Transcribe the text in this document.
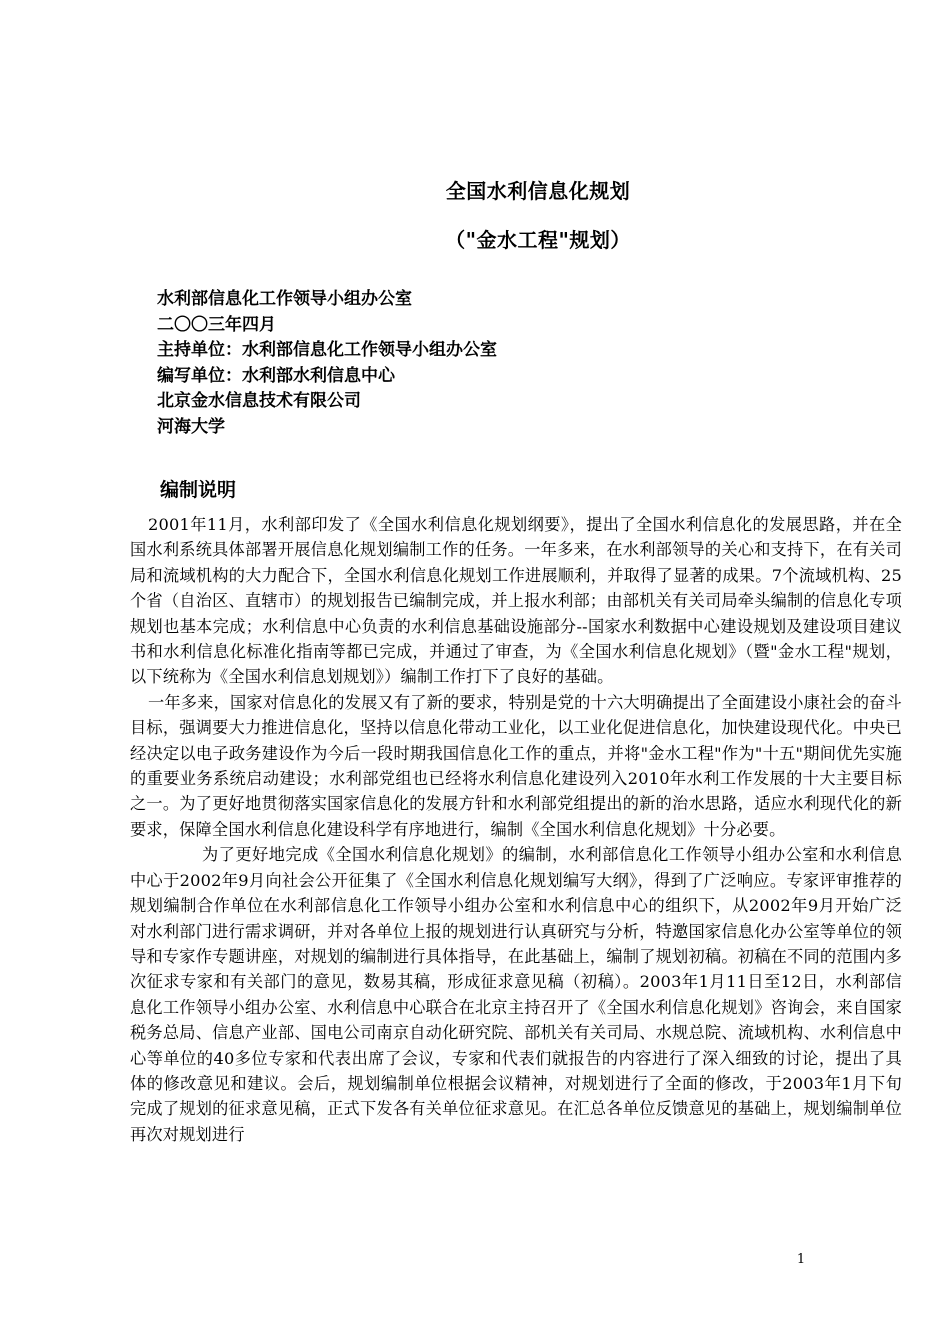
全国水利信息化规划
（"金水工程"规划）
水利部信息化工作领导小组办公室
二〇〇三年四月
主持单位：水利部信息化工作领导小组办公室
编写单位：水利部水利信息中心
北京金水信息技术有限公司
河海大学
编制说明

2001年11月，水利部印发了《全国水利信息化规划纲要》，提出了全国水利信息化的发展思路，并在全国水利系统具体部署开展信息化规划编制工作的任务。一年多来，在水利部领导的关心和支持下，在有关司局和流域机构的大力配合下，全国水利信息化规划工作进展顺利，并取得了显著的成果。7个流域机构、25个省（自治区、直辖市）的规划报告已编制完成，并上报水利部；由部机关有关司局牵头编制的信息化专项规划也基本完成；水利信息中心负责的水利信息基础设施部分--国家水利数据中心建设规划及建设项目建议书和水利信息化标准化指南等都已完成，并通过了审查，为《全国水利信息化规划》（暨"金水工程"规划，以下统称为《全国水利信息划规划》）编制工作打下了良好的基础。

一年多来，国家对信息化的发展又有了新的要求，特别是党的十六大明确提出了全面建设小康社会的奋斗目标，强调要大力推进信息化，坚持以信息化带动工业化，以工业化促进信息化，加快建设现代化。中央已经决定以电子政务建设作为今后一段时期我国信息化工作的重点，并将"金水工程"作为"十五"期间优先实施的重要业务系统启动建设；水利部党组也已经将水利信息化建设列入2010年水利工作发展的十大主要目标之一。为了更好地贯彻落实国家信息化的发展方针和水利部党组提出的新的治水思路，适应水利现代化的新要求，保障全国水利信息化建设科学有序地进行，编制《全国水利信息化规划》十分必要。

为了更好地完成《全国水利信息化规划》的编制，水利部信息化工作领导小组办公室和水利信息中心于2002年9月向社会公开征集了《全国水利信息化规划编写大纲》，得到了广泛响应。专家评审推荐的规划编制合作单位在水利部信息化工作领导小组办公室和水利信息中心的组织下，从2002年9月开始广泛对水利部门进行需求调研，并对各单位上报的规划进行认真研究与分析，特邀国家信息化办公室等单位的领导和专家作专题讲座，对规划的编制进行具体指导，在此基础上，编制了规划初稿。初稿在不同的范围内多次征求专家和有关部门的意见，数易其稿，形成征求意见稿（初稿）。2003年1月11日至12日，水利部信息化工作领导小组办公室、水利信息中心联合在北京主持召开了《全国水利信息化规划》咨询会，来自国家税务总局、信息产业部、国电公司南京自动化研究院、部机关有关司局、水规总院、流域机构、水利信息中心等单位的40多位专家和代表出席了会议，专家和代表们就报告的内容进行了深入细致的讨论，提出了具体的修改意见和建议。会后，规划编制单位根据会议精神，对规划进行了全面的修改，于2003年1月下旬完成了规划的征求意见稿，正式下发各有关单位征求意见。在汇总各单位反馈意见的基础上，规划编制单位再次对规划进行

1
